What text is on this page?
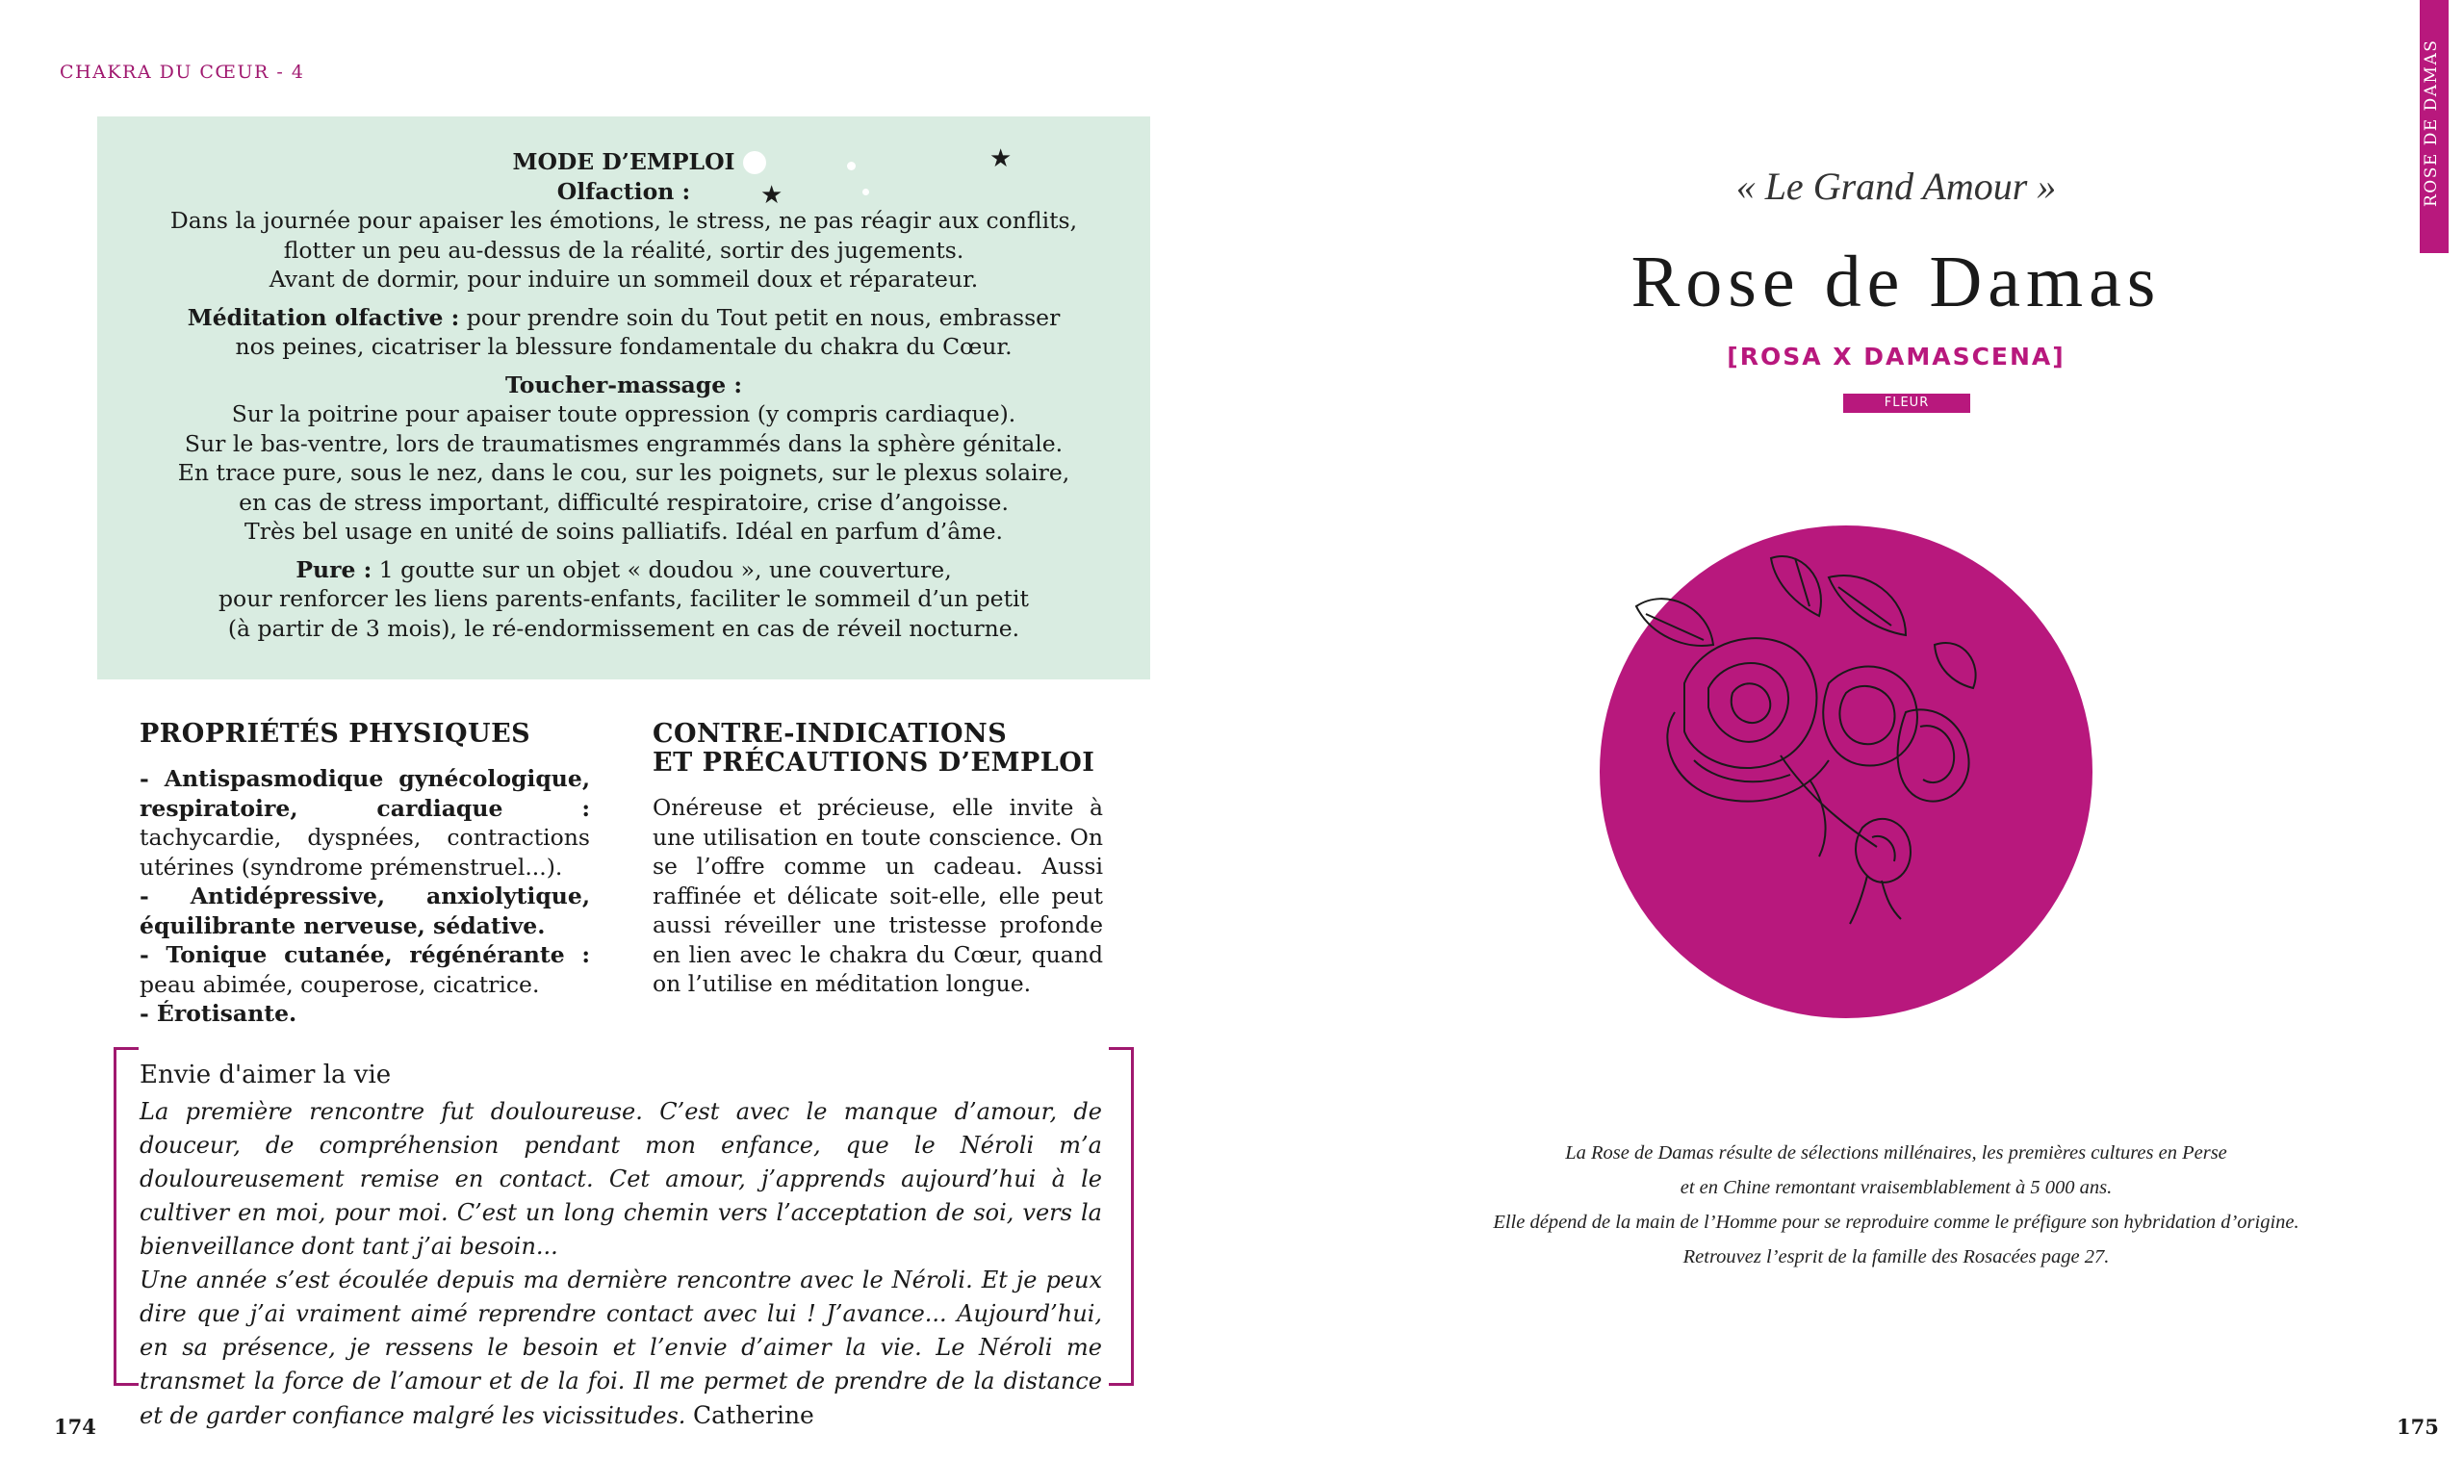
CHAKRA DU CŒUR - 4

MODE D’EMPLOI
Olfaction :
Dans la journée pour apaiser les émotions, le stress, ne pas réagir aux conflits,
flotter un peu au-dessus de la réalité, sortir des jugements.
Avant de dormir, pour induire un sommeil doux et réparateur.

Méditation olfactive : pour prendre soin du Tout petit en nous, embrasser
nos peines, cicatriser la blessure fondamentale du chakra du Cœur.

Toucher-massage :
Sur la poitrine pour apaiser toute oppression (y compris cardiaque).
Sur le bas-ventre, lors de traumatismes engrammés dans la sphère génitale.
En trace pure, sous le nez, dans le cou, sur les poignets, sur le plexus solaire,
en cas de stress important, difficulté respiratoire, crise d’angoisse.
Très bel usage en unité de soins palliatifs. Idéal en parfum d’âme.

Pure : 1 goutte sur un objet « doudou », une couverture,
pour renforcer les liens parents-enfants, faciliter le sommeil d’un petit
(à partir de 3 mois), le ré-endormissement en cas de réveil nocturne.

★
★
PROPRIÉTÉS PHYSIQUES

- Antispasmodique gynécologique, respiratoire, cardiaque : tachycardie, dyspnées, contractions utérines (syndrome prémenstruel...).

- Antidépressive, anxiolytique, équilibrante nerveuse, sédative.

- Tonique cutanée, régénérante : peau abimée, couperose, cicatrice.

- Érotisante.

CONTRE-INDICATIONS
ET PRÉCAUTIONS D’EMPLOI
Onéreuse et précieuse, elle invite à une utilisation en toute conscience. On se l’offre comme un cadeau. Aussi raffinée et délicate soit-elle, elle peut aussi réveiller une tristesse profonde en lien avec le chakra du Cœur, quand on l’utilise en méditation longue.
Envie d'aimer la vie
La première rencontre fut douloureuse. C’est avec le manque d’amour, de douceur, de compréhension pendant mon enfance, que le Néroli m’a douloureusement remise en contact. Cet amour, j’apprends aujourd’hui à le cultiver en moi, pour moi. C’est un long chemin vers l’acceptation de soi, vers la bienveillance dont tant j’ai besoin...
Une année s’est écoulée depuis ma dernière rencontre avec le Néroli. Et je peux dire que j’ai vraiment aimé reprendre contact avec lui ! J’avance... Aujourd’hui, en sa présence, je ressens le besoin et l’envie d’aimer la vie. Le Néroli me transmet la force de l’amour et de la foi. Il me permet de prendre de la distance et de garder confiance malgré les vicissitudes. Catherine
174
ROSE DE DAMAS
« Le Grand Amour »
Rose de Damas
[ROSA X DAMASCENA]
FLEUR

La Rose de Damas résulte de sélections millénaires, les premières cultures en Perse

et en Chine remontant vraisemblablement à 5 000 ans.

Elle dépend de la main de l’Homme pour se reproduire comme le préfigure son hybridation d’origine.

Retrouvez l’esprit de la famille des Rosacées page 27.

175
